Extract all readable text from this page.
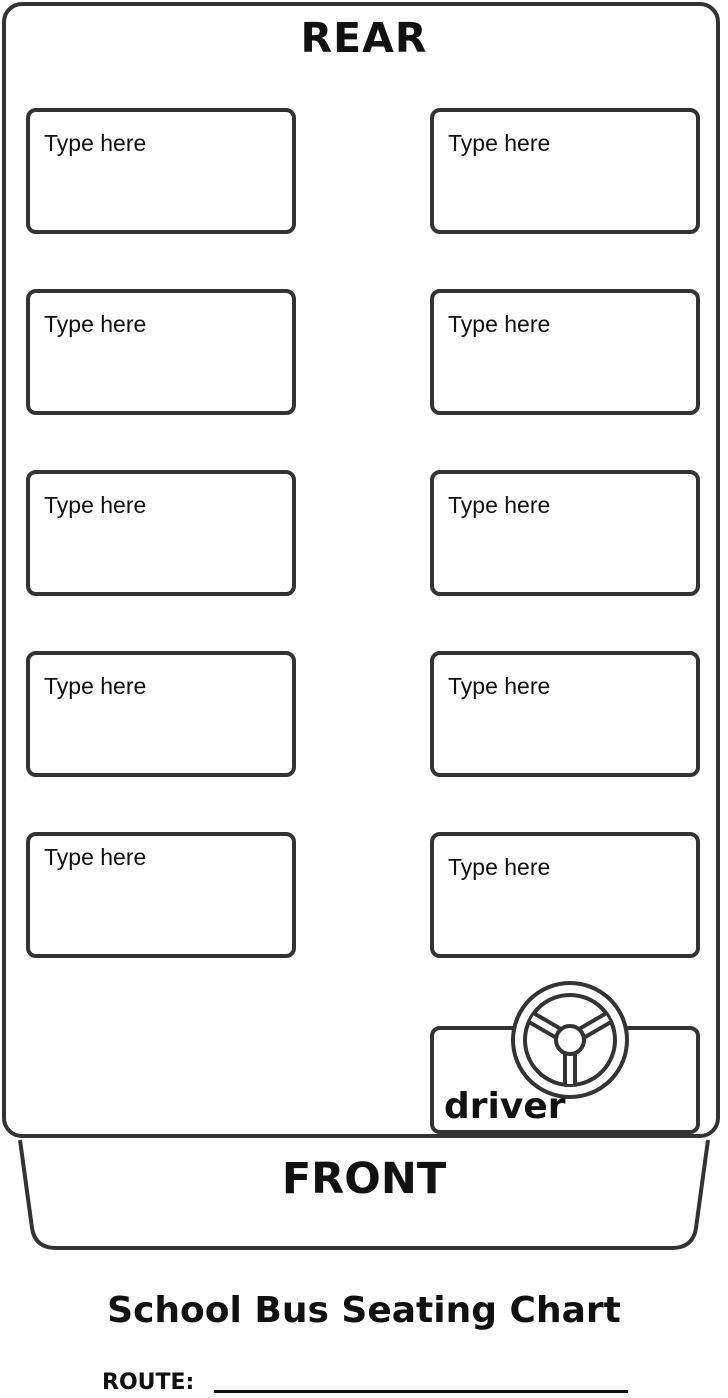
REAR
Type here
Type here
Type here
Type here
Type here
Type here
Type here
Type here
Type here
Type here
driver
FRONT
School Bus Seating Chart
ROUTE:
